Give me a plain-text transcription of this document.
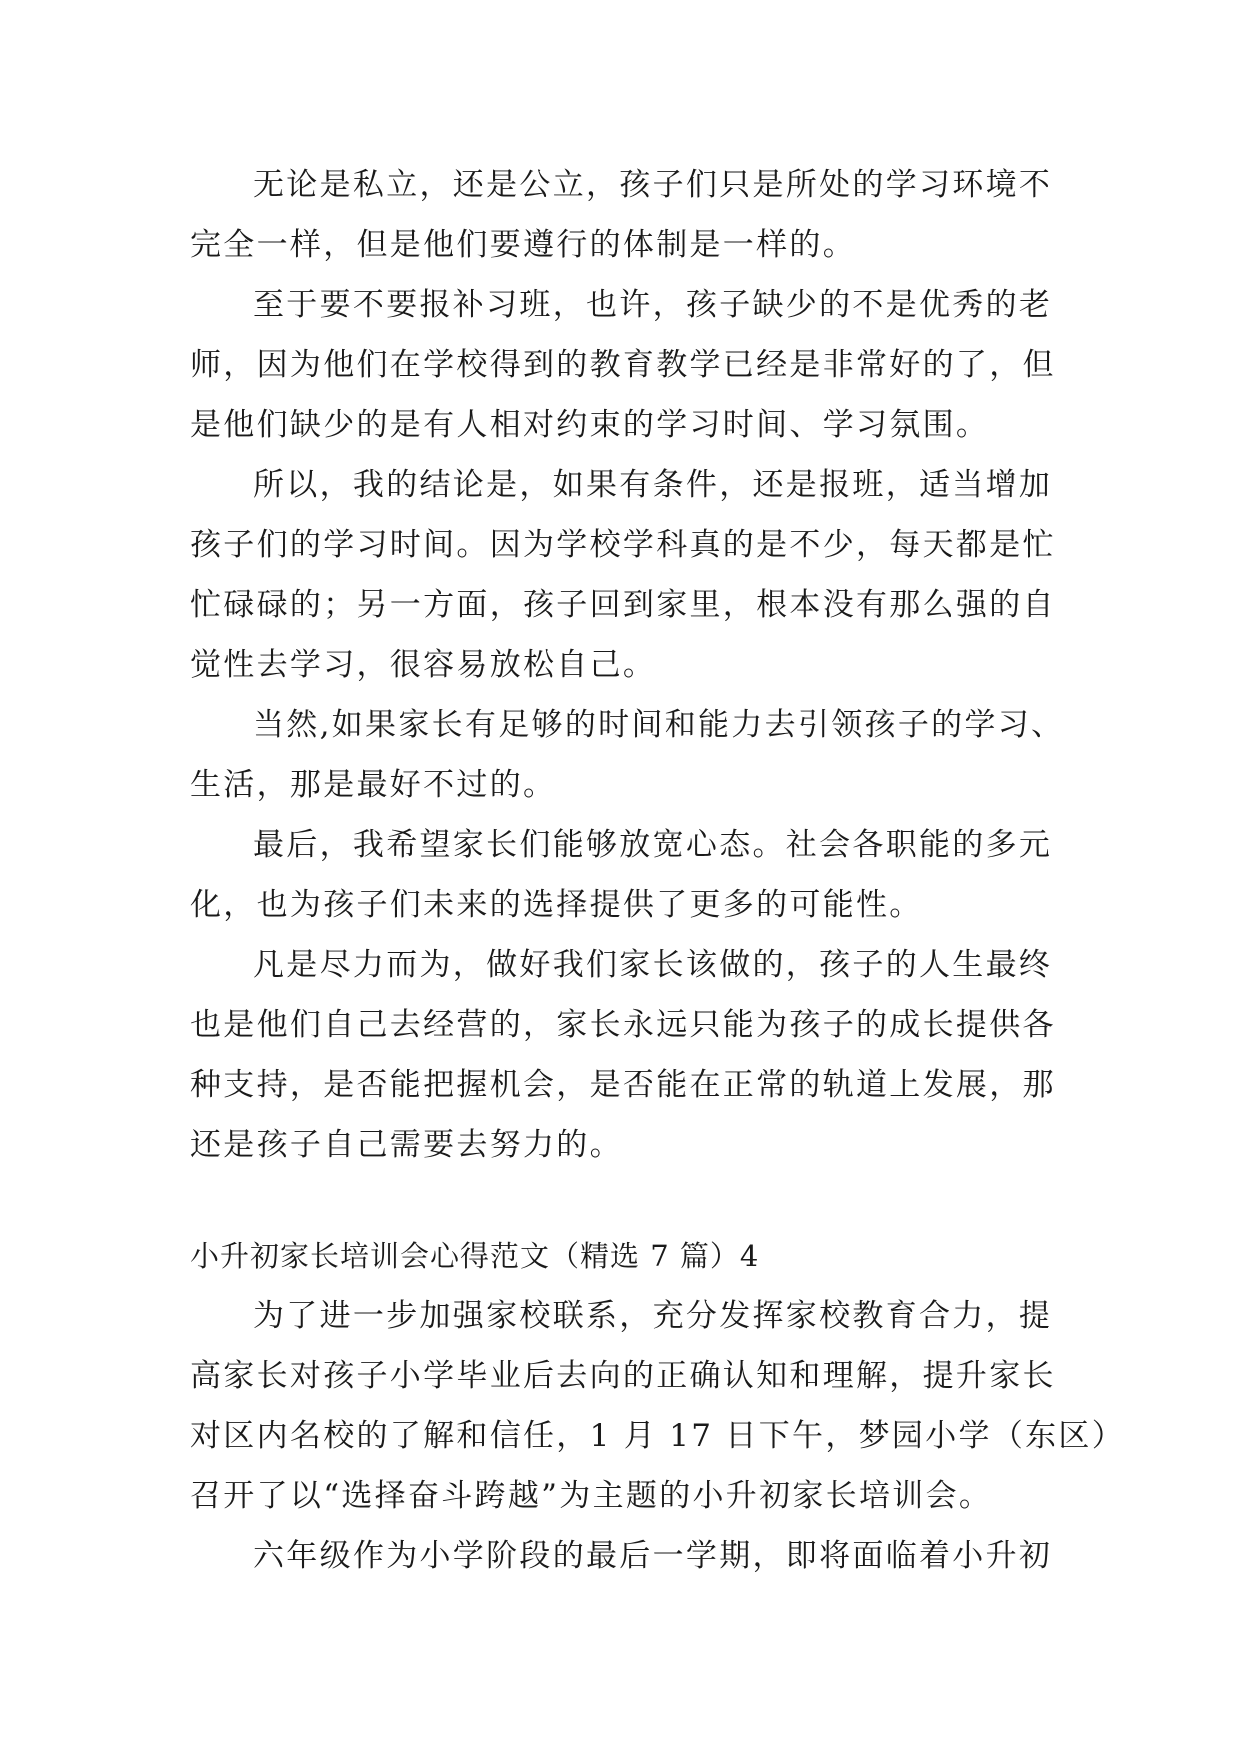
无论是私立，还是公立，孩子们只是所处的学习环境不
完全一样，但是他们要遵行的体制是一样的。
至于要不要报补习班，也许，孩子缺少的不是优秀的老
师，因为他们在学校得到的教育教学已经是非常好的了，但
是他们缺少的是有人相对约束的学习时间、学习氛围。
所以，我的结论是，如果有条件，还是报班，适当增加
孩子们的学习时间。因为学校学科真的是不少，每天都是忙
忙碌碌的；另一方面，孩子回到家里，根本没有那么强的自
觉性去学习，很容易放松自己。
当然,如果家长有足够的时间和能力去引领孩子的学习、
生活，那是最好不过的。
最后，我希望家长们能够放宽心态。社会各职能的多元
化，也为孩子们未来的选择提供了更多的可能性。
凡是尽力而为，做好我们家长该做的，孩子的人生最终
也是他们自己去经营的，家长永远只能为孩子的成长提供各
种支持，是否能把握机会，是否能在正常的轨道上发展，那
还是孩子自己需要去努力的。
小升初家长培训会心得范文（精选 7 篇）4
为了进一步加强家校联系，充分发挥家校教育合力，提
高家长对孩子小学毕业后去向的正确认知和理解，提升家长
对区内名校的了解和信任，1 月 17 日下午，梦园小学（东区）
召开了以“选择奋斗跨越”为主题的小升初家长培训会。
六年级作为小学阶段的最后一学期，即将面临着小升初
